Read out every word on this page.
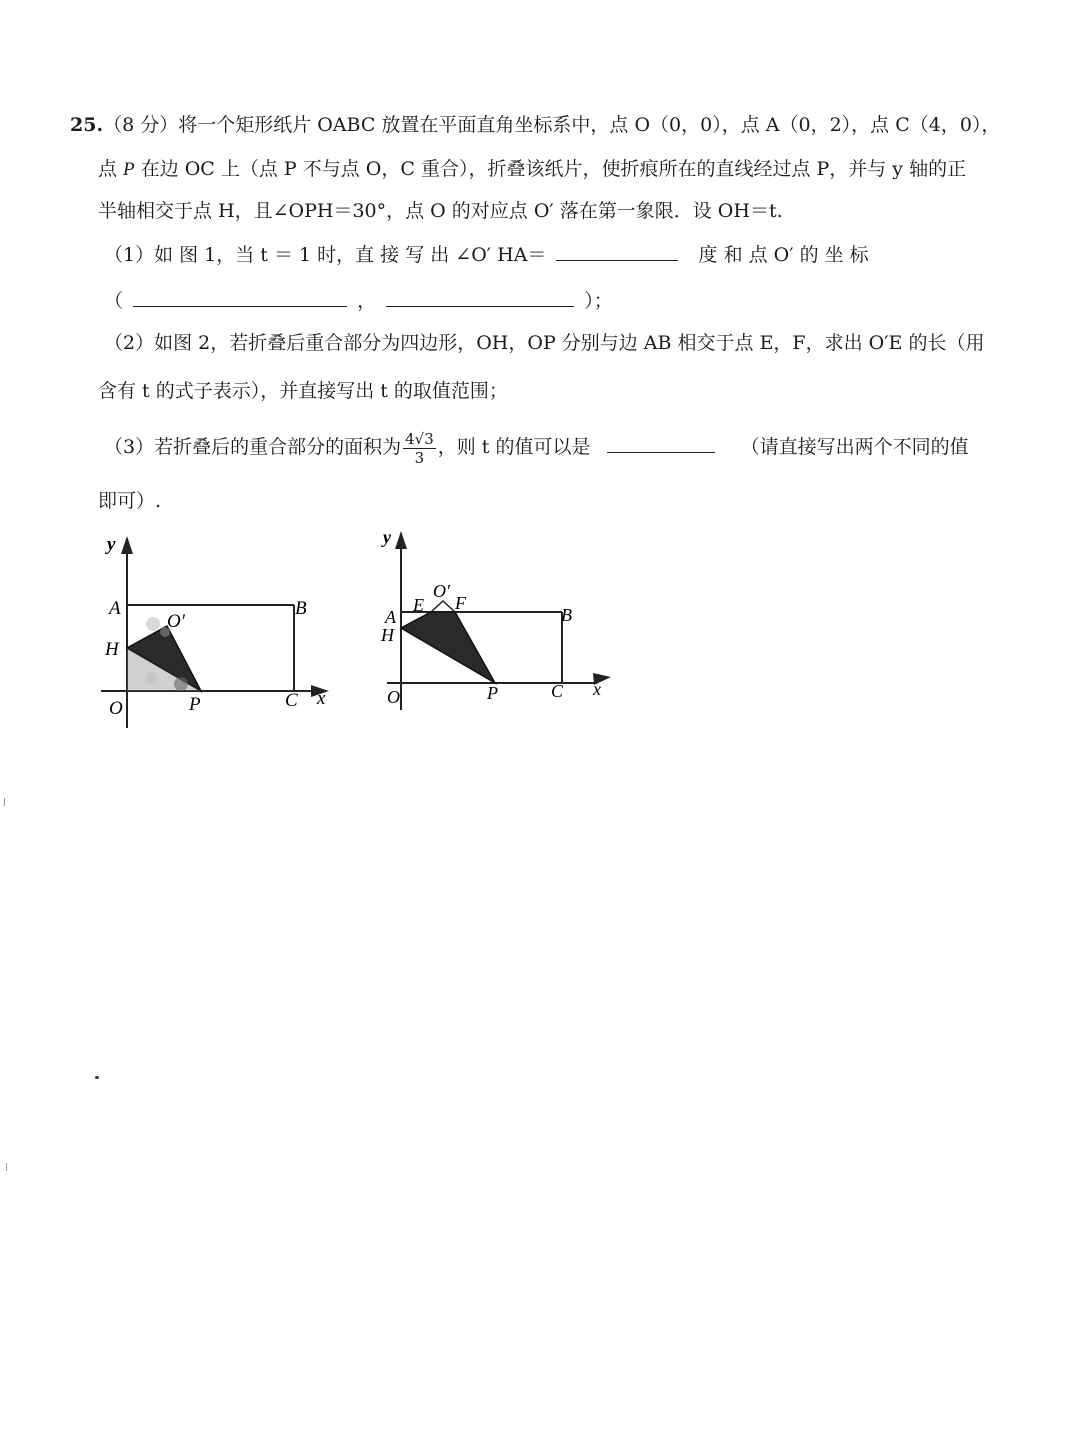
25.（8 分）将一个矩形纸片 OABC 放置在平面直角坐标系中，点 O（0，0），点 A（0，2），点 C（4，0），
点 P 在边 OC 上（点 P 不与点 O，C 重合），折叠该纸片，使折痕所在的直线经过点 P，并与 y 轴的正
半轴相交于点 H，且∠OPH＝30°，点 O 的对应点 O′ 落在第一象限．设 OH＝t.
（1）如 图 1，当 t ＝ 1 时，直 接 写 出 ∠O′ HA＝	度 和 点 O′ 的 坐 标
（	，	）；
（2）如图 2，若折叠后重合部分为四边形，OH，OP 分别与边 AB 相交于点 E，F，求出 O′E 的长（用
含有 t 的式子表示），并直接写出 t 的取值范围；
（3）若折叠后的重合部分的面积为 $\frac{4√3}{3}$ ，则 t 的值可以是	（请直接写出两个不同的值
即可）.
y
A	B
O′
H
O	P	C x
y
E
O′
F
A
H
B
O	P	C x
